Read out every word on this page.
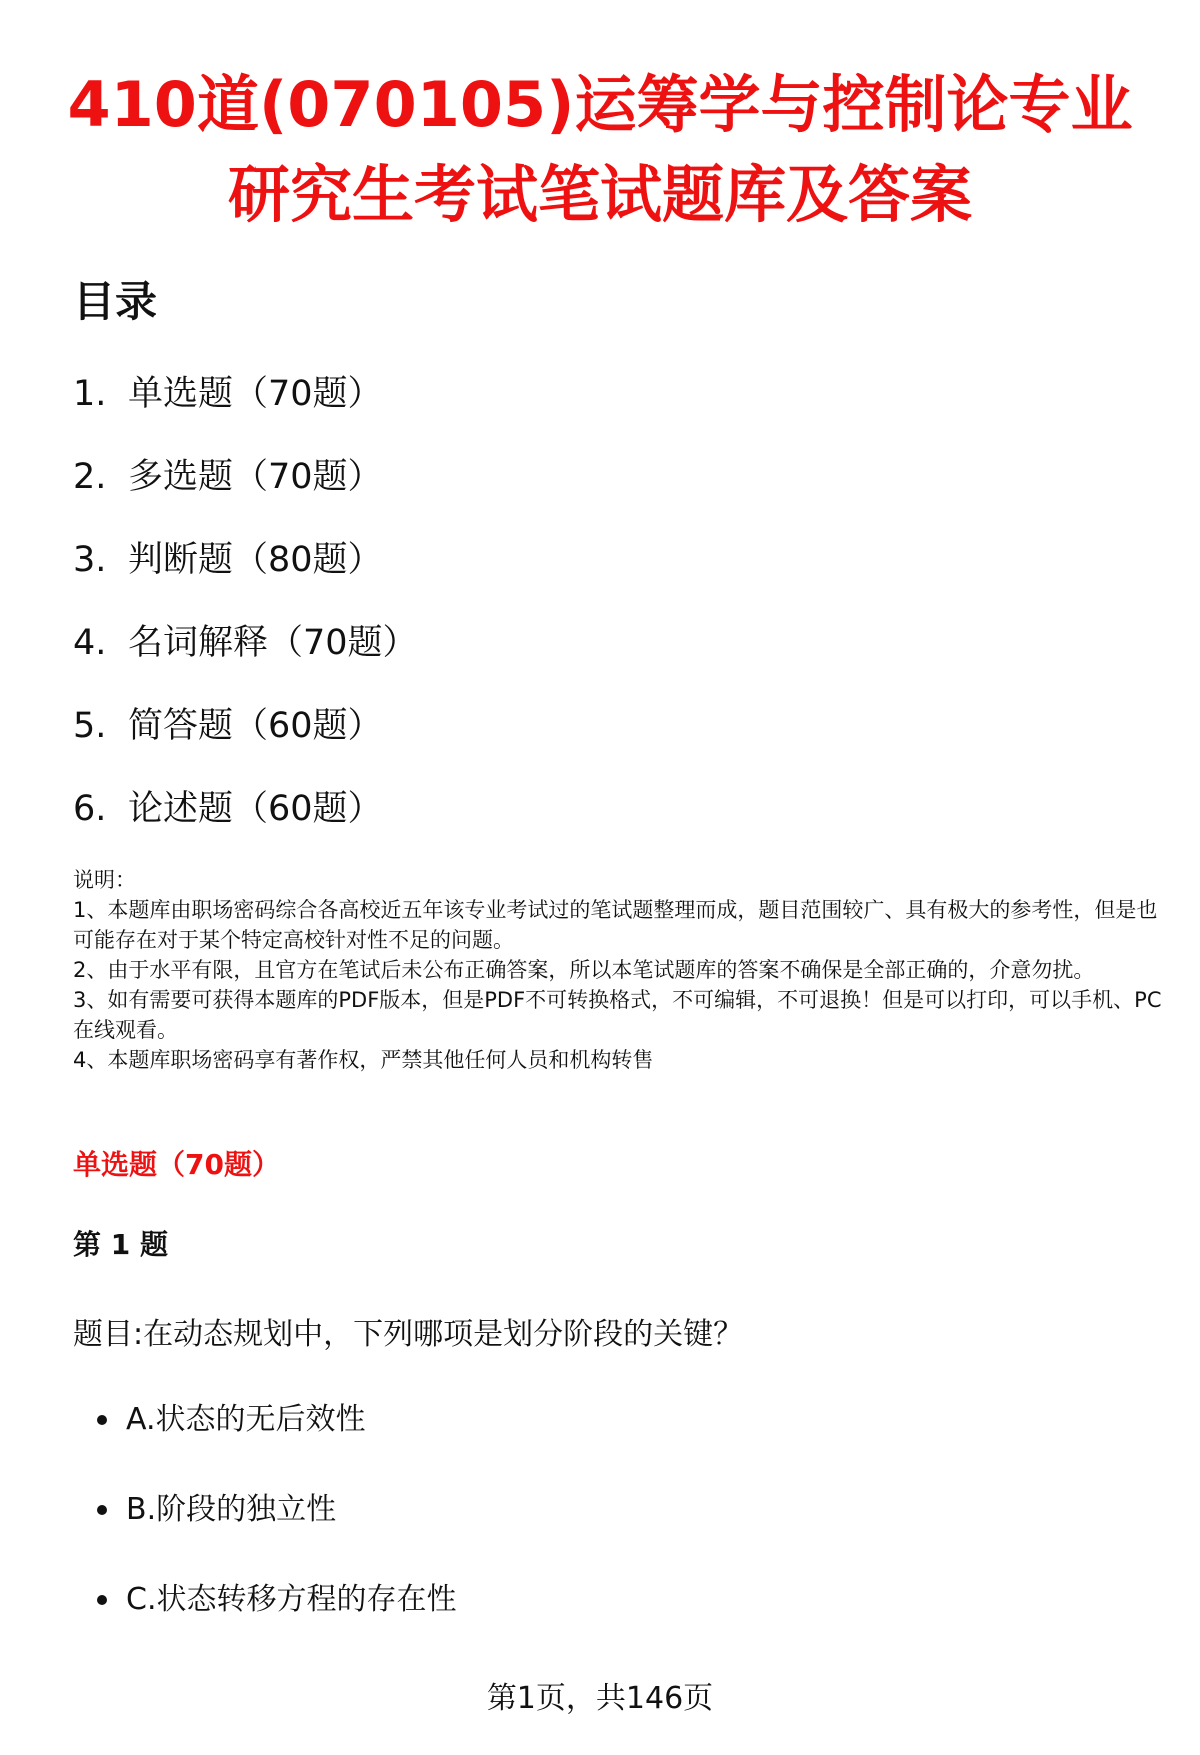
410道(070105)运筹学与控制论专业研究生考试笔试题库及答案
目录
1. 单选题（70题）
2. 多选题（70题）
3. 判断题（80题）
4. 名词解释（70题）
5. 简答题（60题）
6. 论述题（60题）

说明：

1、本题库由职场密码综合各高校近五年该专业考试过的笔试题整理而成，题目范围较广、具有极大的参考性，但是也可能存在对于某个特定高校针对性不足的问题。

2、由于水平有限，且官方在笔试后未公布正确答案，所以本笔试题库的答案不确保是全部正确的，介意勿扰。

3、如有需要可获得本题库的PDF版本，但是PDF不可转换格式，不可编辑，不可退换！但是可以打印，可以手机、PC在线观看。

4、本题库职场密码享有著作权，严禁其他任何人员和机构转售

单选题（70题）
第 1 题

题目:在动态规划中，下列哪项是划分阶段的关键？

A.状态的无后效性
B.阶段的独立性
C.状态转移方程的存在性
第1页，共146页
